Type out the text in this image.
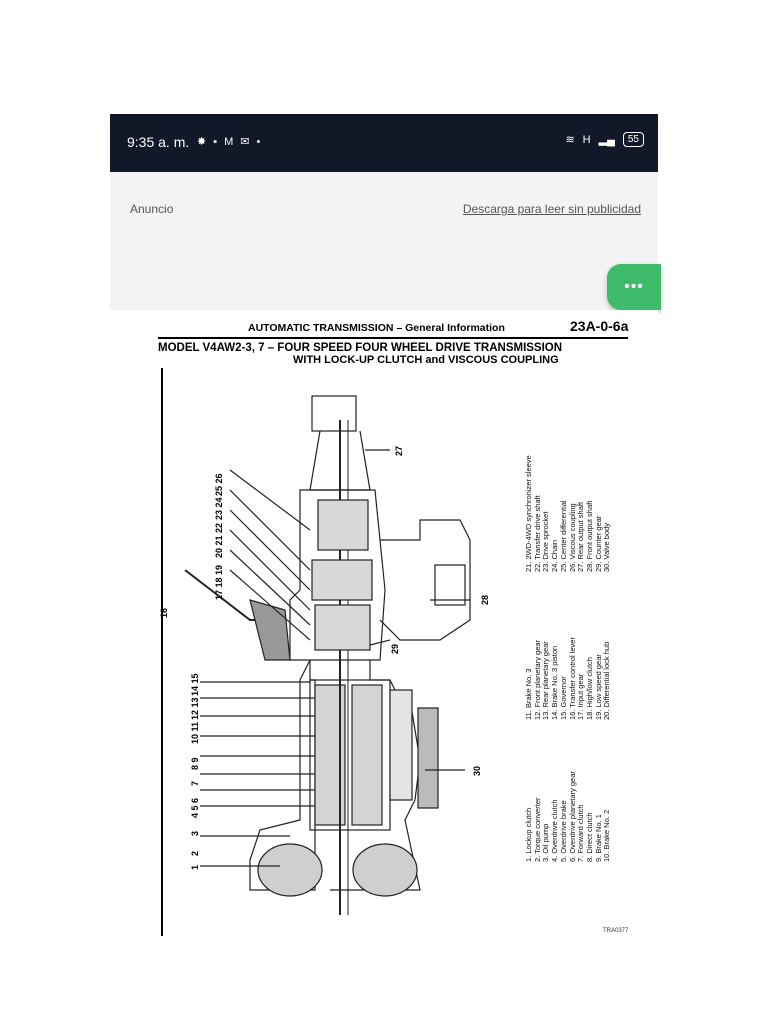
9:35 a. m. ✸ ▪ M ✉ •	≋ H ▂▄	55
Anuncio	Descarga para leer sin publicidad
•••
AUTOMATIC TRANSMISSION – General Information	23A-0-6a
MODEL V4AW2-3, 7 – FOUR SPEED FOUR WHEEL DRIVE TRANSMISSION
WITH LOCK-UP CLUTCH and VISCOUS COUPLING
1
2
3
4 5 6
7
8 9
10 11
12 13
14 15
16
17 18 19
20 21 22
23 24
25 26
27
28
29
30
1. Lockup clutch 2. Torque converter 3. Oil pump 4. Overdrive clutch 5. Overdrive brake 6. Overdrive planetary gear 7. Forward clutch 8. Direct clutch 9. Brake No. 1 10. Brake No. 2
11. Brake No. 3 12. Front planetary gear 13. Rear planetary gear 14. Brake No. 3 piston 15. Governor 16. Transfer control lever 17. Input gear 18. High/low clutch 19. Low speed gear 20. Differential lock hub
21. 2WD-4WD synchronizer sleeve 22. Transfer drive shaft 23. Drive sprocket 24. Chain 25. Center differential 26. Viscous coupling 27. Rear output shaft 28. Front output shaft 29. Counter gear 30. Valve body
TRA0377
